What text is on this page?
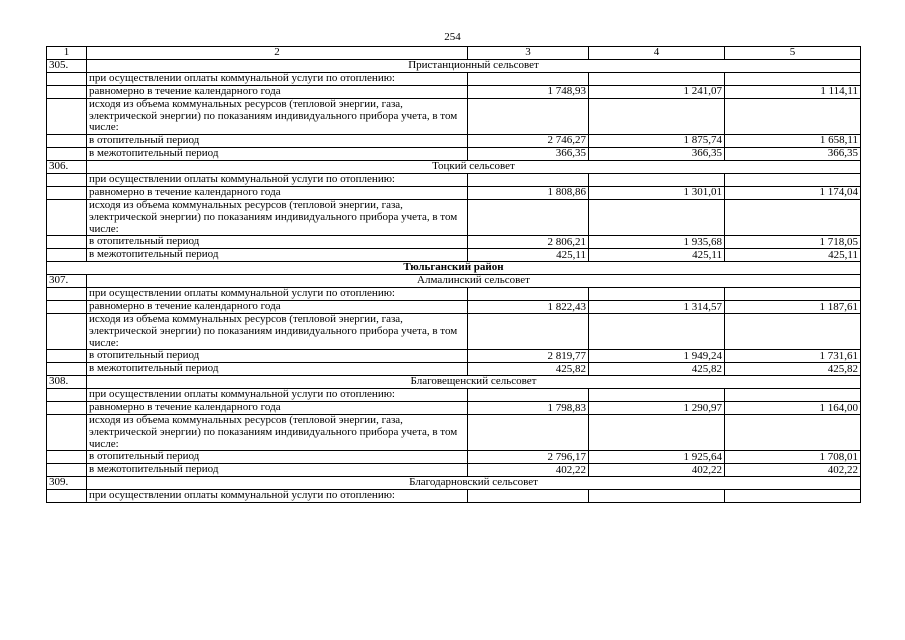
254
1	2	3	4	5
305.	Пристанционный сельсовет			
	при осуществлении оплаты коммунальной услуги по отоплению:			
	равномерно в течение календарного года	1 748,93	1 241,07	1 114,11
	исходя из объема коммунальных ресурсов (тепловой энергии, газа, электрической энергии) по показаниям индивидуального прибора учета, в том числе:			
	в отопительный период	2 746,27	1 875,74	1 658,11
	в межотопительный период	366,35	366,35	366,35
306.	Тоцкий сельсовет			
	при осуществлении оплаты коммунальной услуги по отоплению:			
	равномерно в течение календарного года	1 808,86	1 301,01	1 174,04
	исходя из объема коммунальных ресурсов (тепловой энергии, газа, электрической энергии) по показаниям индивидуального прибора учета, в том числе:			
	в отопительный период	2 806,21	1 935,68	1 718,05
	в межотопительный период	425,11	425,11	425,11
Тюльганский район				
307.	Алмалинский сельсовет			
	при осуществлении оплаты коммунальной услуги по отоплению:			
	равномерно в течение календарного года	1 822,43	1 314,57	1 187,61
	исходя из объема коммунальных ресурсов (тепловой энергии, газа, электрической энергии) по показаниям индивидуального прибора учета, в том числе:			
	в отопительный период	2 819,77	1 949,24	1 731,61
	в межотопительный период	425,82	425,82	425,82
308.	Благовещенский сельсовет			
	при осуществлении оплаты коммунальной услуги по отоплению:			
	равномерно в течение календарного года	1 798,83	1 290,97	1 164,00
	исходя из объема коммунальных ресурсов (тепловой энергии, газа, электрической энергии) по показаниям индивидуального прибора учета, в том числе:			
	в отопительный период	2 796,17	1 925,64	1 708,01
	в межотопительный период	402,22	402,22	402,22
309.	Благодарновский сельсовет			
	при осуществлении оплаты коммунальной услуги по отоплению:			
